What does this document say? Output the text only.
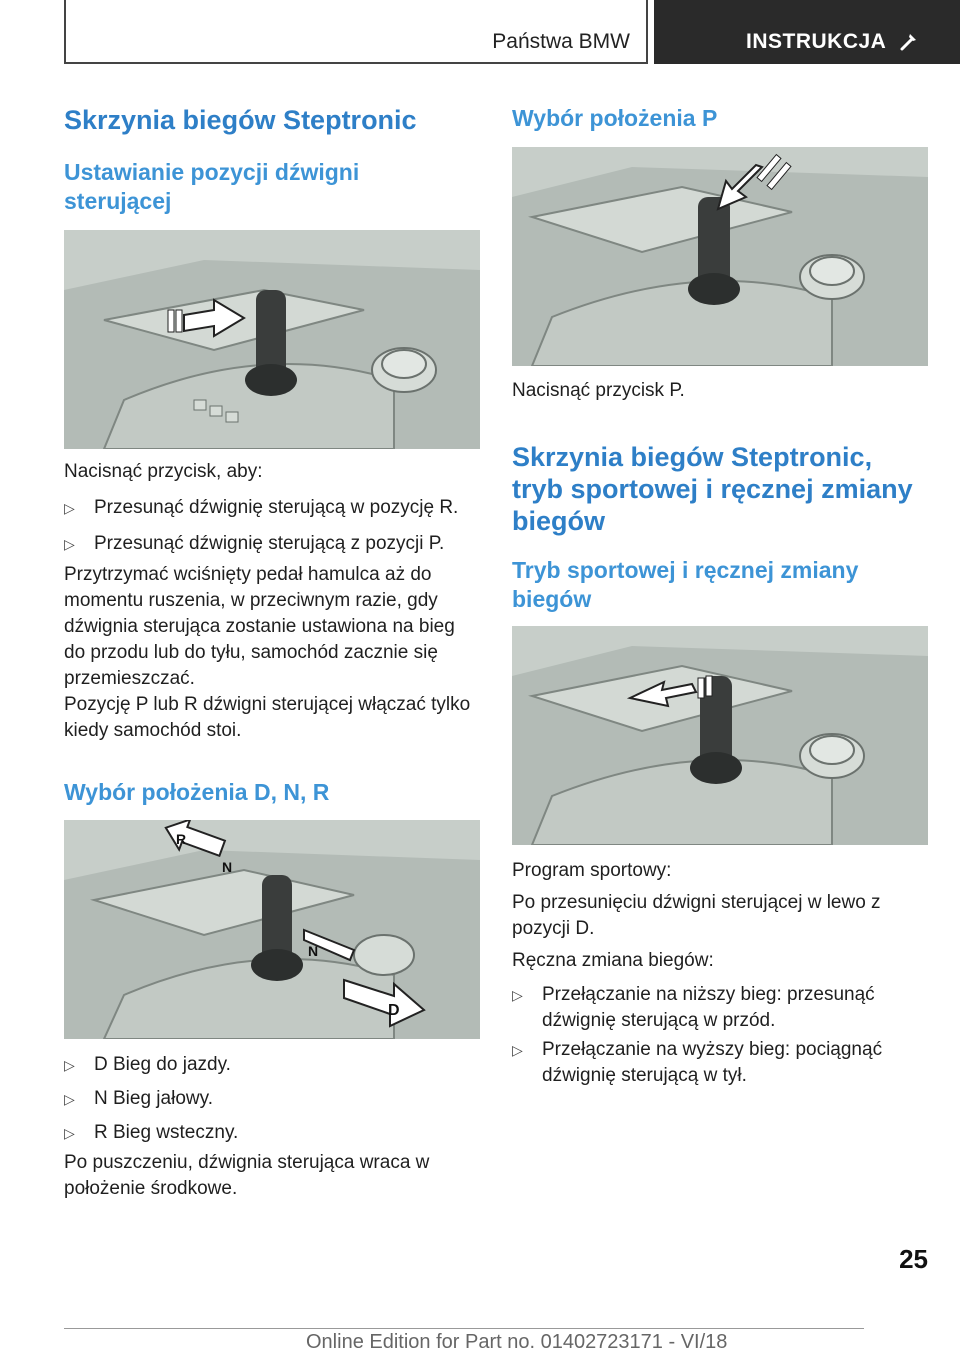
Państwa BMW	INSTRUKCJA
Skrzynia biegów Steptronic
Ustawianie pozycji dźwigni sterującej

Nacisnąć przycisk, aby:

▷ Przesunąć dźwignię sterującą w pozycję R.
▷ Przesunąć dźwignię sterującą z pozycji P.

Przytrzymać wciśnięty pedał hamulca aż do momentu ruszenia, w przeciwnym razie, gdy dźwignia sterująca zostanie ustawiona na bieg do przodu lub do tyłu, samochód zacznie się przemieszczać.

Pozycję P lub R dźwigni sterującej włączać tylko kiedy samochód stoi.

Wybór położenia D, N, R
R
N
N
D
▷ D Bieg do jazdy.
▷ N Bieg jałowy.
▷ R Bieg wsteczny.

Po puszczeniu, dźwignia sterująca wraca w położenie środkowe.

Wybór położenia P

Nacisnąć przycisk P.

Skrzynia biegów Steptronic, tryb sportowej i ręcznej zmiany biegów
Tryb sportowej i ręcznej zmiany biegów

Program sportowy:

Po przesunięciu dźwigni sterującej w lewo z pozycji D.

Ręczna zmiana biegów:

▷ Przełączanie na niższy bieg: przesunąć dźwignię sterującą w przód.
▷ Przełączanie na wyższy bieg: pociągnąć dźwignię sterującą w tył.
25
Online Edition for Part no. 01402723171 - VI/18
